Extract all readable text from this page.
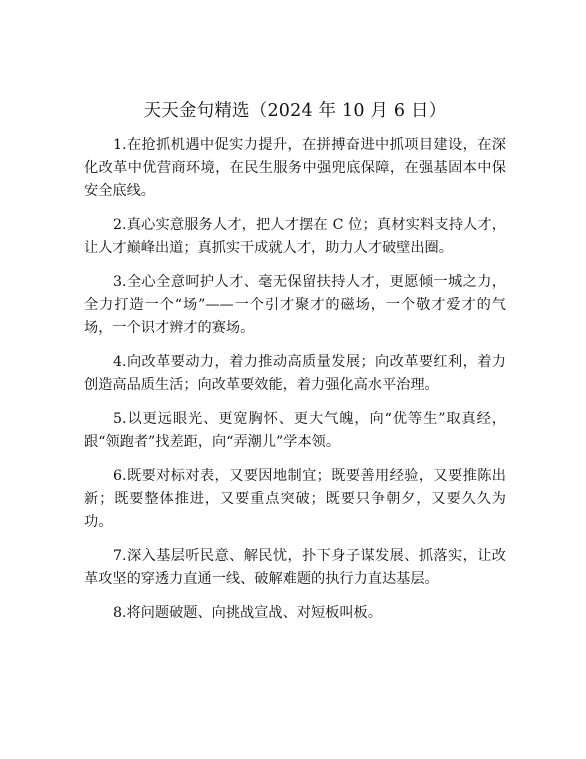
天天金句精选（2024 年 10 月 6 日）

1.在抢抓机遇中促实力提升，在拼搏奋进中抓项目建设，在深化改革中优营商环境，在民生服务中强兜底保障，在强基固本中保安全底线。

2.真心实意服务人才，把人才摆在 C 位；真材实料支持人才，让人才巅峰出道；真抓实干成就人才，助力人才破壁出圈。

3.全心全意呵护人才、毫无保留扶持人才，更愿倾一城之力，全力打造一个“场”——一个引才聚才的磁场，一个敬才爱才的气场，一个识才辨才的赛场。

4.向改革要动力，着力推动高质量发展；向改革要红利，着力创造高品质生活；向改革要效能，着力强化高水平治理。

5.以更远眼光、更宽胸怀、更大气魄，向“优等生”取真经，跟“领跑者”找差距，向“弄潮儿”学本领。

6.既要对标对表，又要因地制宜；既要善用经验，又要推陈出新；既要整体推进，又要重点突破；既要只争朝夕，又要久久为功。

7.深入基层听民意、解民忧，扑下身子谋发展、抓落实，让改革攻坚的穿透力直通一线、破解难题的执行力直达基层。

8.将问题破题、向挑战宣战、对短板叫板。
